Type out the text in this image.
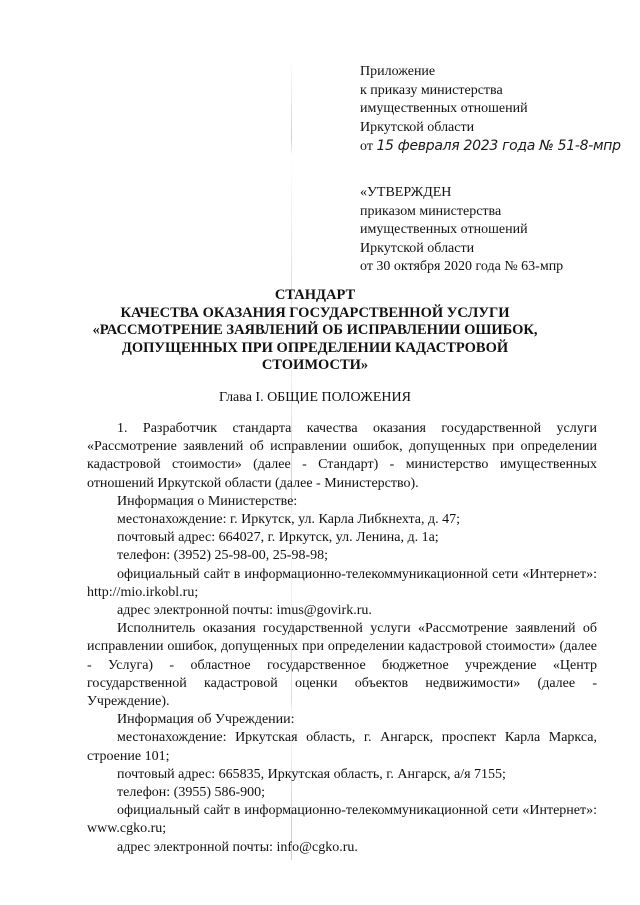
Приложение
к приказу министерства
имущественных отношений
Иркутской области
от 15 февраля 2023 года № 51-8-мпр
«УТВЕРЖДЕН
приказом министерства
имущественных отношений
Иркутской области
от 30 октября 2020 года № 63-мпр
СТАНДАРТ
КАЧЕСТВА ОКАЗАНИЯ ГОСУДАРСТВЕННОЙ УСЛУГИ
«РАССМОТРЕНИЕ ЗАЯВЛЕНИЙ ОБ ИСПРАВЛЕНИИ ОШИБОК,
ДОПУЩЕННЫХ ПРИ ОПРЕДЕЛЕНИИ КАДАСТРОВОЙ
СТОИМОСТИ»
Глава I. ОБЩИЕ ПОЛОЖЕНИЯ

1. Разработчик стандарта качества оказания государственной услуги «Рассмотрение заявлений об исправлении ошибок, допущенных при определении кадастровой стоимости» (далее - Стандарт) - министерство имущественных отношений Иркутской области (далее - Министерство).

Информация о Министерстве:

местонахождение: г. Иркутск, ул. Карла Либкнехта, д. 47;

почтовый адрес: 664027, г. Иркутск, ул. Ленина, д. 1а;

телефон: (3952) 25-98-00, 25-98-98;

официальный сайт в информационно-телекоммуникационной сети «Интернет»: http://mio.irkobl.ru;

адрес электронной почты: imus@govirk.ru.

Исполнитель оказания государственной услуги «Рассмотрение заявлений об исправлении ошибок, допущенных при определении кадастровой стоимости» (далее - Услуга) - областное государственное бюджетное учреждение «Центр государственной кадастровой оценки объектов недвижимости» (далее - Учреждение).

Информация об Учреждении:

местонахождение: Иркутская область, г. Ангарск, проспект Карла Маркса, строение 101;

почтовый адрес: 665835, Иркутская область, г. Ангарск, а/я 7155;

телефон: (3955) 586-900;

официальный сайт в информационно-телекоммуникационной сети «Интернет»: www.cgko.ru;

адрес электронной почты: info@cgko.ru.
